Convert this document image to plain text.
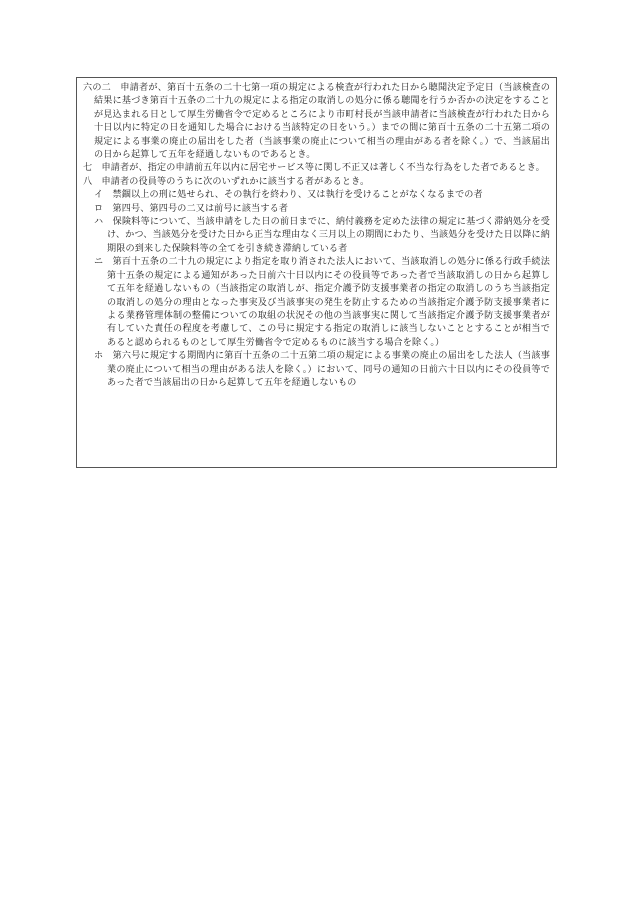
六の二　 申請者が、第百十五条の二十七第一項の規定による検査が行われた日から聴聞決定予定日（当該検査の結果に基づき第百十五条の二十九の規定による指定の取消しの処分に係る聴聞を行うか否かの決定をすることが見込まれる日として厚生労働省令で定めるところにより市町村長が当該申請者に当該検査が行われた日から十日以内に特定の日を通知した場合における当該特定の日をいう。）までの間に第百十五条の二十五第二項の規定による事業の廃止の届出をした者（当該事業の廃止について相当の理由がある者を除く。）で、当該届出の日から起算して五年を経過しないものであるとき。

七　 申請者が、指定の申請前五年以内に居宅サービス等に関し不正又は著しく不当な行為をした者であるとき。

八　 申請者の役員等のうちに次のいずれかに該当する者があるとき。

イ　 禁錮以上の刑に処せられ、その執行を終わり、又は執行を受けることがなくなるまでの者

ロ　 第四号、第四号の二又は前号に該当する者

ハ　 保険料等について、当該申請をした日の前日までに、納付義務を定めた法律の規定に基づく滞納処分を受け、かつ、当該処分を受けた日から正当な理由なく三月以上の期間にわたり、当該処分を受けた日以降に納期限の到来した保険料等の全てを引き続き滞納している者

ニ　 第百十五条の二十九の規定により指定を取り消された法人において、当該取消しの処分に係る行政手続法第十五条の規定による通知があった日前六十日以内にその役員等であった者で当該取消しの日から起算して五年を経過しないもの（当該指定の取消しが、指定介護予防支援事業者の指定の取消しのうち当該指定の取消しの処分の理由となった事実及び当該事実の発生を防止するための当該指定介護予防支援事業者による業務管理体制の整備についての取組の状況その他の当該事実に関して当該指定介護予防支援事業者が有していた責任の程度を考慮して、この号に規定する指定の取消しに該当しないこととすることが相当であると認められるものとして厚生労働省令で定めるものに該当する場合を除く。）

ホ　 第六号に規定する期間内に第百十五条の二十五第二項の規定による事業の廃止の届出をした法人（当該事業の廃止について相当の理由がある法人を除く。）において、同号の通知の日前六十日以内にその役員等であった者で当該届出の日から起算して五年を経過しないもの
